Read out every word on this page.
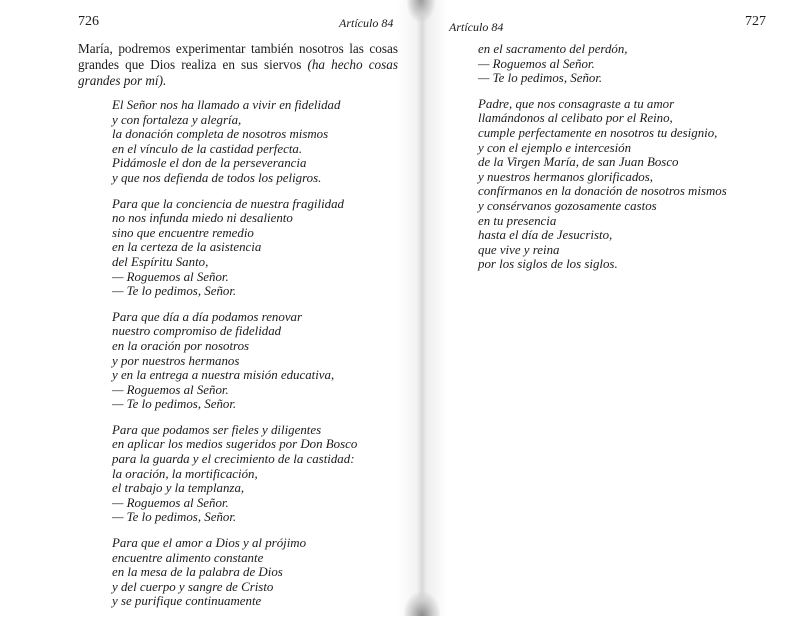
726	Artículo 84

María, podremos experimentar también nosotros las cosas grandes que Dios realiza en sus siervos (ha hecho cosas grandes por mí).

El Señor nos ha llamado a vivir en fidelidad
y con fortaleza y alegría,
la donación completa de nosotros mismos
en el vínculo de la castidad perfecta.
Pidámosle el don de la perseverancia
y que nos defienda de todos los peligros.
Para que la conciencia de nuestra fragilidad
no nos infunda miedo ni desaliento
sino que encuentre remedio
en la certeza de la asistencia
del Espíritu Santo,
— Roguemos al Señor.
— Te lo pedimos, Señor.
Para que día a día podamos renovar
nuestro compromiso de fidelidad
en la oración por nosotros
y por nuestros hermanos
y en la entrega a nuestra misión educativa,
— Roguemos al Señor.
— Te lo pedimos, Señor.
Para que podamos ser fieles y diligentes
en aplicar los medios sugeridos por Don Bosco
para la guarda y el crecimiento de la castidad:
la oración, la mortificación,
el trabajo y la templanza,
— Roguemos al Señor.
— Te lo pedimos, Señor.
Para que el amor a Dios y al prójimo
encuentre alimento constante
en la mesa de la palabra de Dios
y del cuerpo y sangre de Cristo
y se purifique continuamente
Artículo 84	727
en el sacramento del perdón,
— Roguemos al Señor.
— Te lo pedimos, Señor.
Padre, que nos consagraste a tu amor
llamándonos al celibato por el Reino,
cumple perfectamente en nosotros tu designio,
y con el ejemplo e intercesión
de la Virgen María, de san Juan Bosco
y nuestros hermanos glorificados,
confírmanos en la donación de nosotros mismos
y consérvanos gozosamente castos
en tu presencia
hasta el día de Jesucristo,
que vive y reina
por los siglos de los siglos.
